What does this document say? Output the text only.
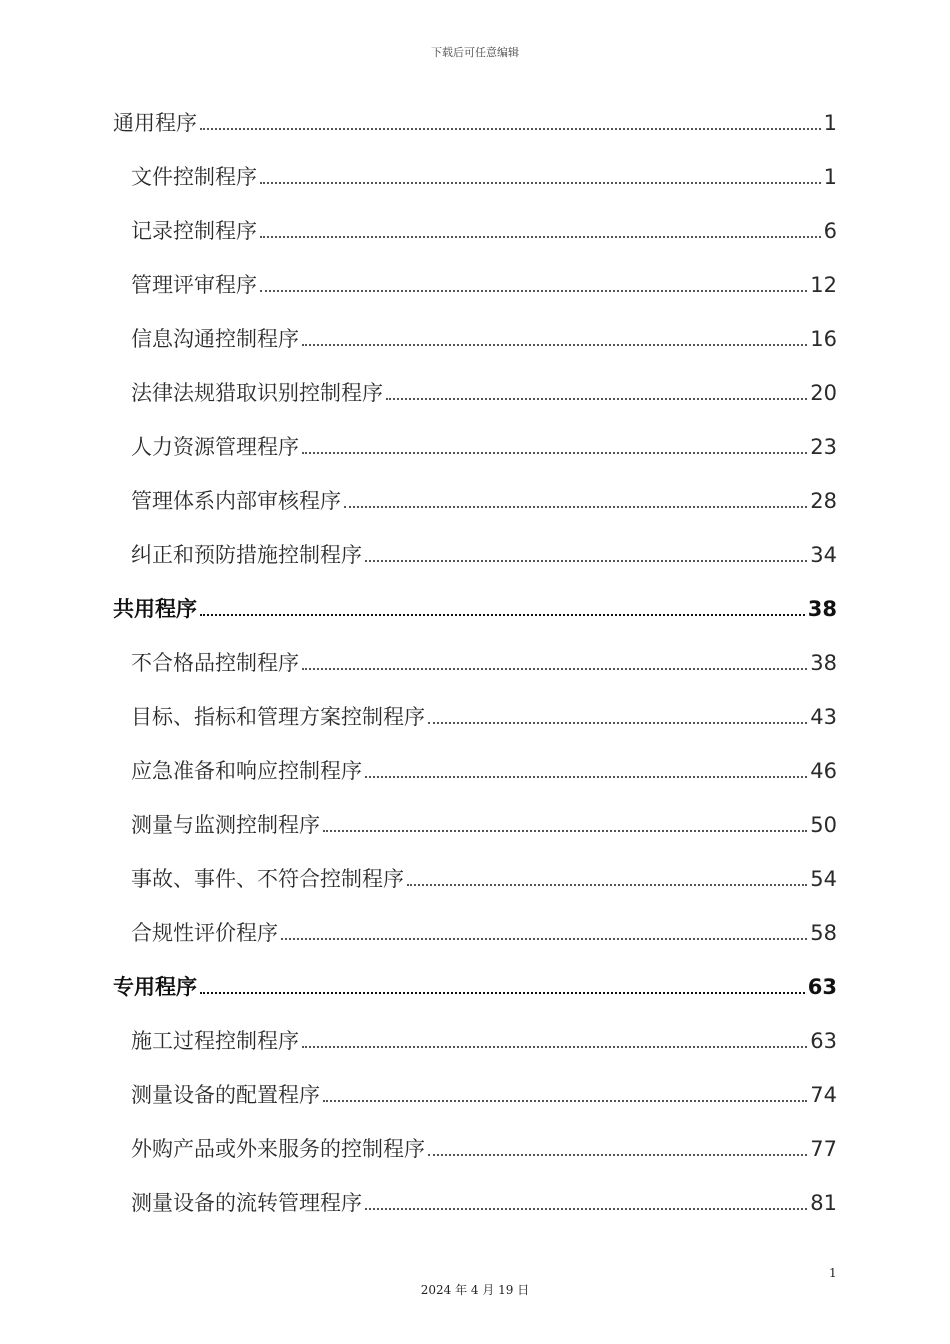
下载后可任意编辑
通用程序	1
文件控制程序	1
记录控制程序	6
管理评审程序	12
信息沟通控制程序	16
法律法规猎取识别控制程序	20
人力资源管理程序	23
管理体系内部审核程序	28
纠正和预防措施控制程序	34
共用程序	38
不合格品控制程序	38
目标、指标和管理方案控制程序	43
应急准备和响应控制程序	46
测量与监测控制程序	50
事故、事件、不符合控制程序	54
合规性评价程序	58
专用程序	63
施工过程控制程序	63
测量设备的配置程序	74
外购产品或外来服务的控制程序	77
测量设备的流转管理程序	81
1
2024 年 4 月 19 日
